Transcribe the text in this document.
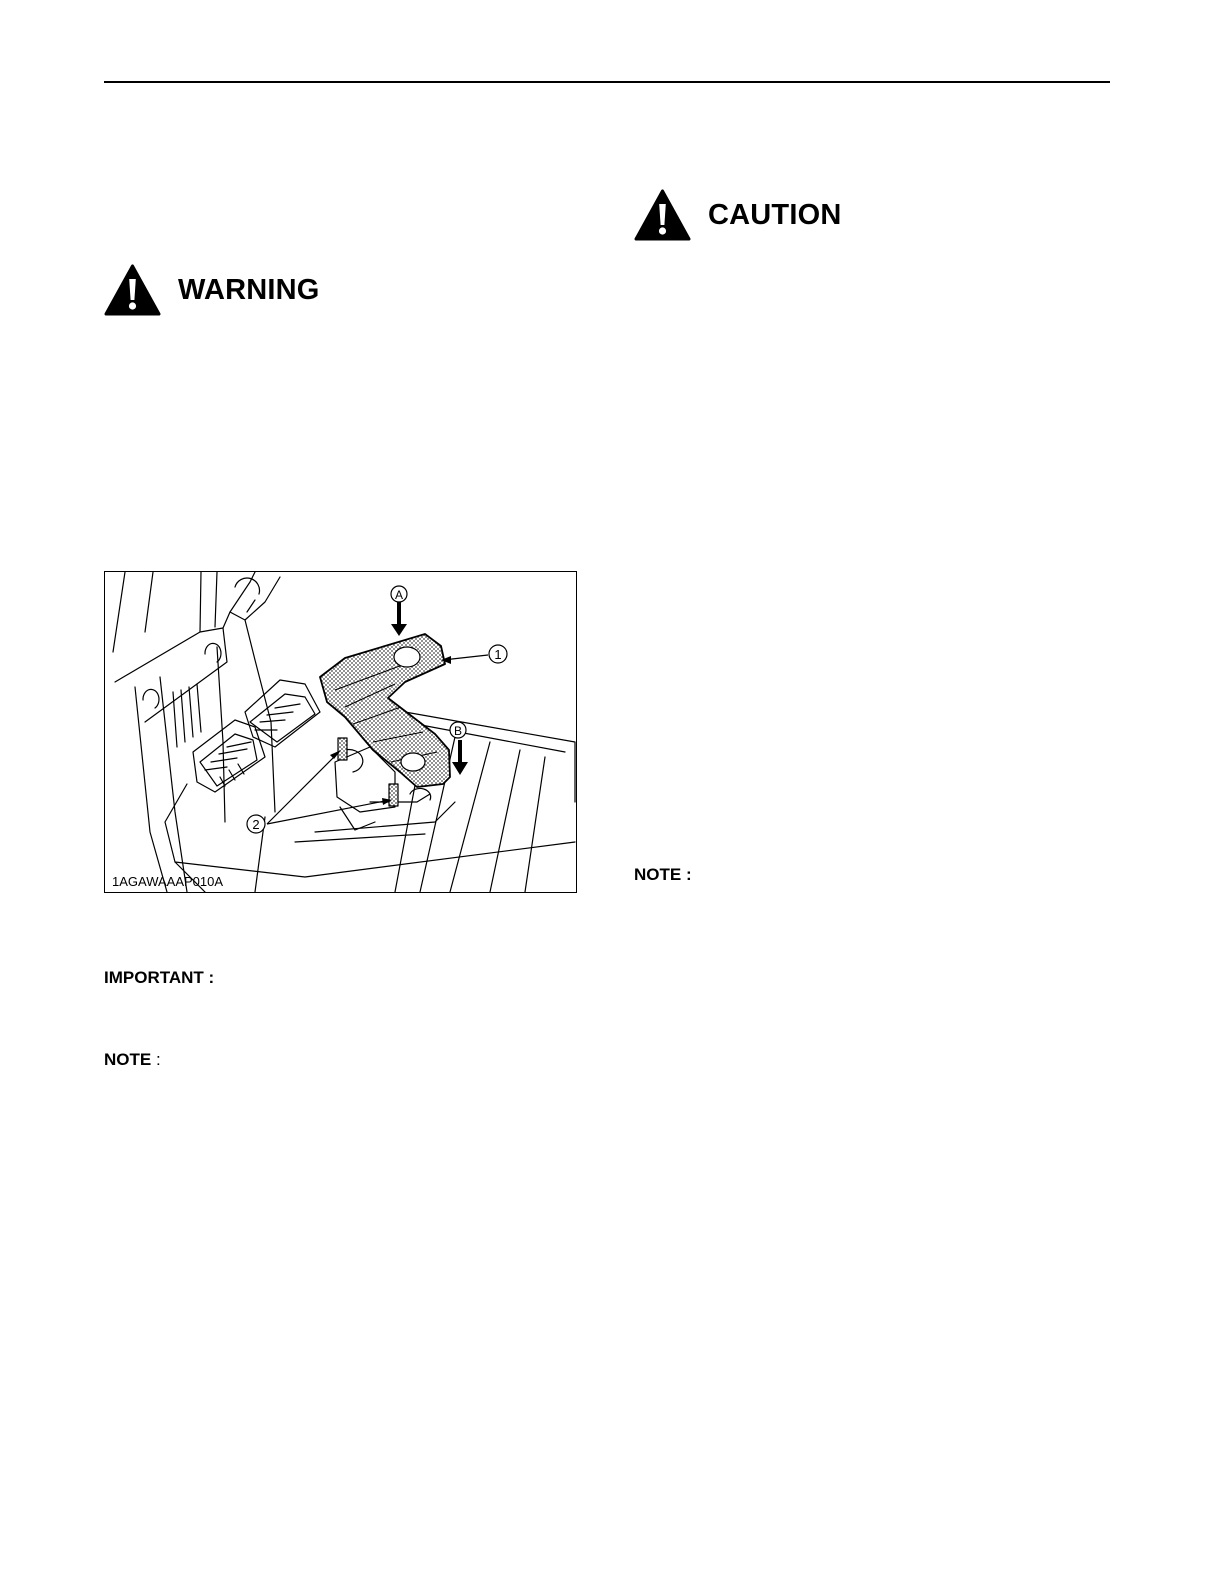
WARNING
CAUTION
A
1
B
2
1AGAWAAAP010A
IMPORTANT :
NOTE :
NOTE :
